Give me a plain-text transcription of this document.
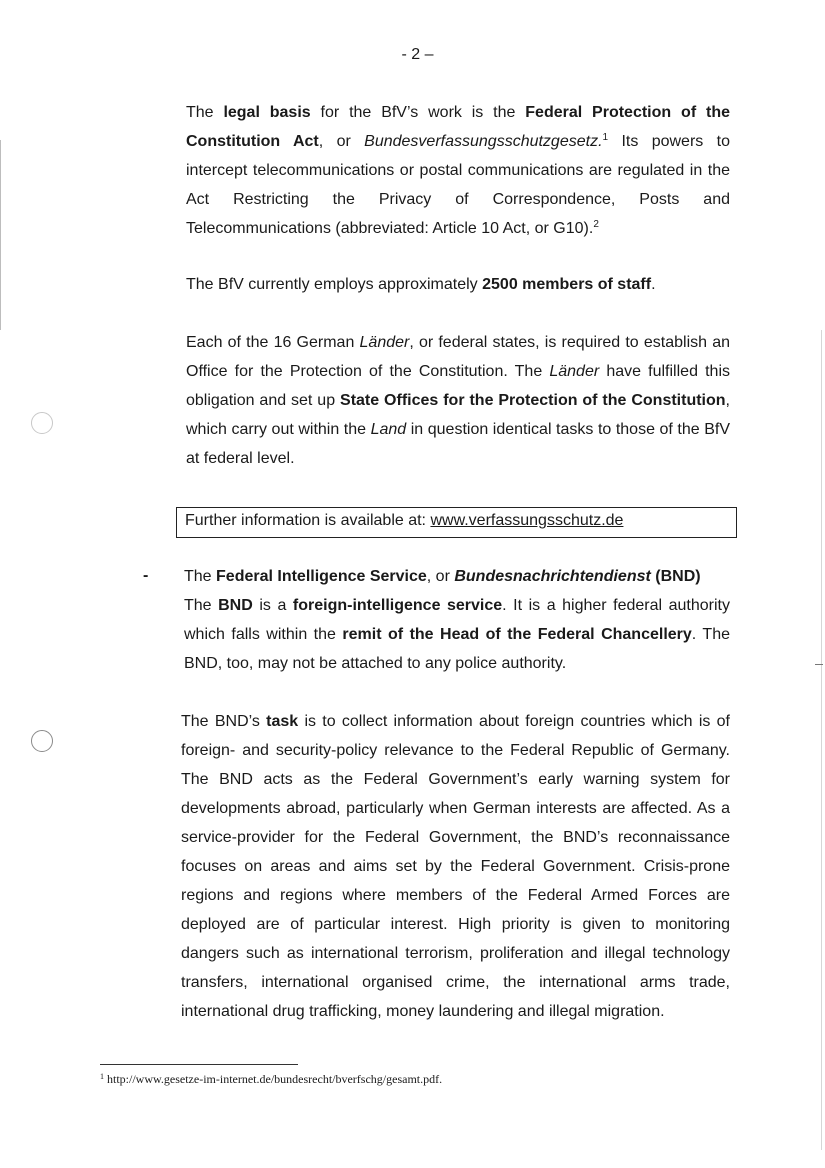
- 2 –

The legal basis for the BfV’s work is the Federal Protection of the Constitution Act, or Bundesverfassungsschutzgesetz.$^1$ Its powers to intercept telecommunications or postal communications are regulated in the Act Restricting the Privacy of Correspondence, Posts and Telecommunications (abbreviated: Article 10 Act, or G10).$^2$

The BfV currently employs approximately 2500 members of staff.

Each of the 16 German Länder, or federal states, is required to establish an Office for the Protection of the Constitution. The Länder have fulfilled this obligation and set up State Offices for the Protection of the Constitution, which carry out within the Land in question identical tasks to those of the BfV at federal level.

Further information is available at: www.verfassungsschutz.de
- The Federal Intelligence Service, or Bundesnachrichtendienst (BND)
The BND is a foreign-intelligence service. It is a higher federal authority which falls within the remit of the Head of the Federal Chancellery. The BND, too, may not be attached to any police authority.

The BND’s task is to collect information about foreign countries which is of foreign- and security-policy relevance to the Federal Republic of Germany. The BND acts as the Federal Government’s early warning system for developments abroad, particularly when German interests are affected. As a service-provider for the Federal Government, the BND’s reconnaissance focuses on areas and aims set by the Federal Government. Crisis-prone regions and regions where members of the Federal Armed Forces are deployed are of particular interest. High priority is given to monitoring dangers such as international terrorism, proliferation and illegal technology transfers, international organised crime, the international arms trade, international drug trafficking, money laundering and illegal migration.

$^1$ http://www.gesetze-im-internet.de/bundesrecht/bverfschg/gesamt.pdf.
